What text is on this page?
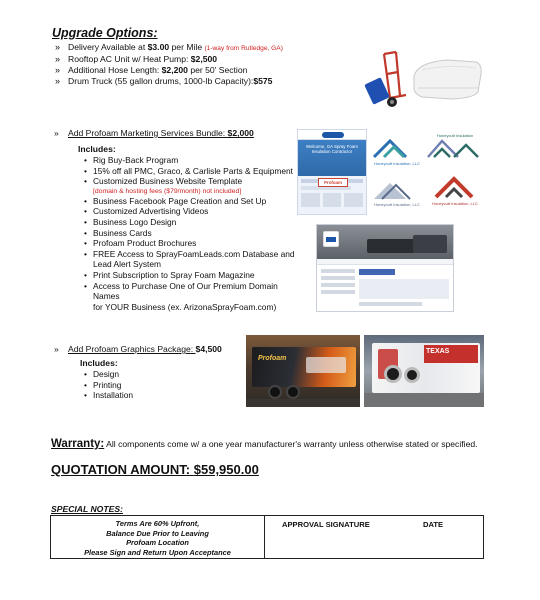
Upgrade Options:
» Delivery Available at $3.00 per Mile (1-way from Rutledge, GA)
» Rooftop AC Unit w/ Heat Pump: $2,500
» Additional Hose Length: $2,200 per 50' Section
» Drum Truck (55 gallon drums, 1000-lb Capacity):$575
» Add Profoam Marketing Services Bundle: $2,000
Includes:
• Rig Buy-Back Program
• 15% off all PMC, Graco, & Carlisle Parts & Equipment
• Customized Business Website Template
[domain & hosting fees ($79/month) not included]
• Business Facebook Page Creation and Set Up
• Customized Advertising Videos
• Business Logo Design
• Business Cards
• Profoam Product Brochures
• FREE Access to SprayFoamLeads.com Database and
Lead Alert System
• Print Subscription to Spray Foam Magazine
• Access to Purchase One of Our Premium Domain Names
for YOUR Business (ex. ArizonaSprayFoam.com)
Welcome, GA Spray Foam Insulation Contractor
Profoam
Honeycutt Insulation, LLC
Honeycutt Insulation
Honeycutt Insulation, LLC	Honeycutt Insulation, LLC
» Add Profoam Graphics Package: $4,500
Includes:
• Design
• Printing
• Installation
Profoam
TEXAS
Warranty: All components come w/ a one year manufacturer's warranty unless otherwise stated or specified.
QUOTATION AMOUNT: $59,950.00
SPECIAL NOTES:
Terms Are 60% Upfront,
Balance Due Prior to Leaving
Profoam Location
Please Sign and Return Upon Acceptance
APPROVAL SIGNATURE	DATE
